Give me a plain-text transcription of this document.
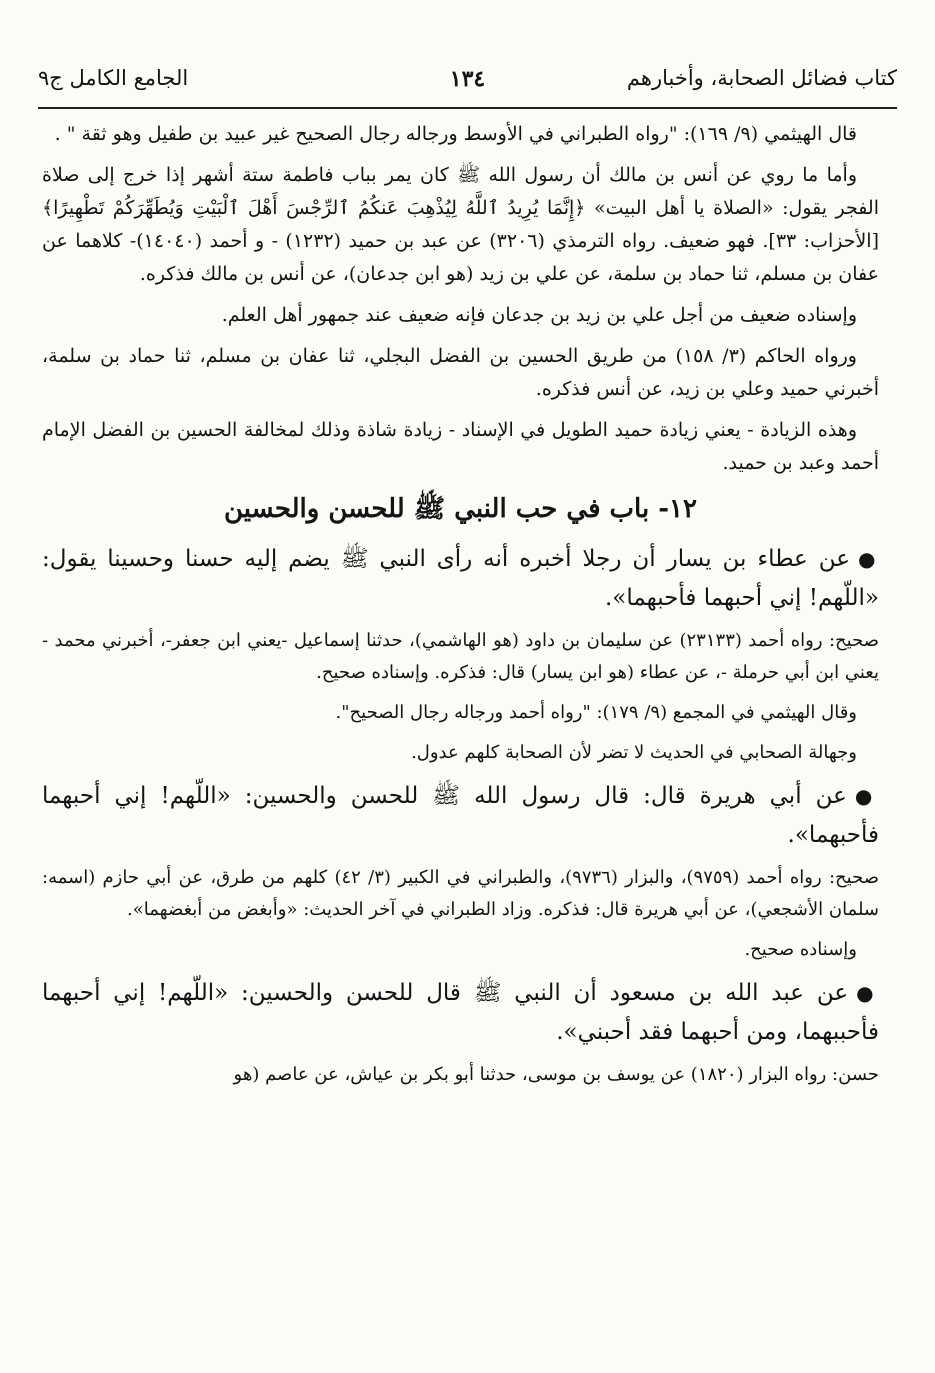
كتاب فضائل الصحابة، وأخبارهم
١٣٤
الجامع الكامل ج٩

قال الهيثمي (٩/ ١٦٩): "رواه الطبراني في الأوسط ورجاله رجال الصحيح غير عبيد بن طفيل وهو ثقة " .

وأما ما روي عن أنس بن مالك أن رسول الله ﷺ كان يمر بباب فاطمة ستة أشهر إذا خرج إلى صلاة الفجر يقول: «الصلاة يا أهل البيت» ﴿إِنَّمَا يُرِيدُ ٱللَّهُ لِيُذْهِبَ عَنكُمُ ٱلرِّجْسَ أَهْلَ ٱلْبَيْتِ وَيُطَهِّرَكُمْ تَطْهِيرًا﴾ [الأحزاب: ٣٣]. فهو ضعيف. رواه الترمذي (٣٢٠٦) عن عبد بن حميد (١٢٣٢) - و أحمد (١٤٠٤٠)- كلاهما عن عفان بن مسلم، ثنا حماد بن سلمة، عن علي بن زيد (هو ابن جدعان)، عن أنس بن مالك فذكره.

وإسناده ضعيف من أجل علي بن زيد بن جدعان فإنه ضعيف عند جمهور أهل العلم.

ورواه الحاكم (٣/ ١٥٨) من طريق الحسين بن الفضل البجلي، ثنا عفان بن مسلم، ثنا حماد بن سلمة، أخبرني حميد وعلي بن زيد، عن أنس فذكره.

وهذه الزيادة - يعني زيادة حميد الطويل في الإسناد - زيادة شاذة وذلك لمخالفة الحسين بن الفضل الإمام أحمد وعبد بن حميد.

١٢- باب في حب النبي ﷺ للحسن والحسين

●عن عطاء بن يسار أن رجلا أخبره أنه رأى النبي ﷺ يضم إليه حسنا وحسينا يقول: «اللّهم! إني أحبهما فأحبهما».

صحيح: رواه أحمد (٢٣١٣٣) عن سليمان بن داود (هو الهاشمي)، حدثنا إسماعيل -يعني ابن جعفر-، أخبرني محمد - يعني ابن أبي حرملة -، عن عطاء (هو ابن يسار) قال: فذكره. وإسناده صحيح.

وقال الهيثمي في المجمع (٩/ ١٧٩): "رواه أحمد ورجاله رجال الصحيح".

وجهالة الصحابي في الحديث لا تضر لأن الصحابة كلهم عدول.

●عن أبي هريرة قال: قال رسول الله ﷺ للحسن والحسين: «اللّهم! إني أحبهما فأحبهما».

صحيح: رواه أحمد (٩٧٥٩)، والبزار (٩٧٣٦)، والطبراني في الكبير (٣/ ٤٢) كلهم من طرق، عن أبي حازم (اسمه: سلمان الأشجعي)، عن أبي هريرة قال: فذكره. وزاد الطبراني في آخر الحديث: «وأبغض من أبغضهما».

وإسناده صحيح.

●عن عبد الله بن مسعود أن النبي ﷺ قال للحسن والحسين: «اللّهم! إني أحبهما فأحببهما، ومن أحبهما فقد أحبني».

حسن: رواه البزار (١٨٢٠) عن يوسف بن موسى، حدثنا أبو بكر بن عياش، عن عاصم (هو
